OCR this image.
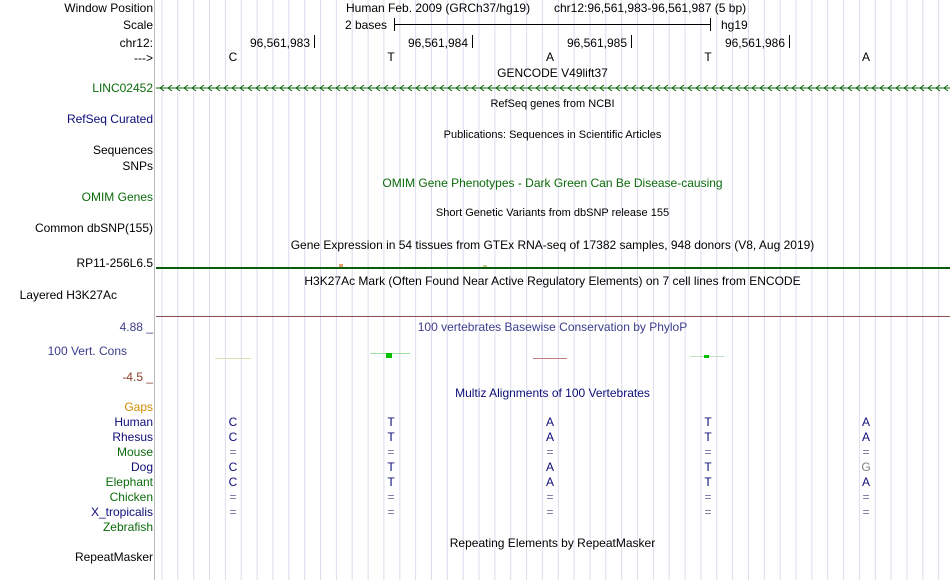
Window Position
Scale
chr12:
--->
Human Feb. 2009 (GRCh37/hg19) chr12:96,561,983-96,561,987 (5 bp)
2 bases	hg19
96,561,983	96,561,984	96,561,985	96,561,986
C	T	A	T	A
GENCODE V49lift37
LINC02452
RefSeq genes from NCBI
RefSeq Curated
Publications: Sequences in Scientific Articles
Sequences
SNPs
OMIM Gene Phenotypes - Dark Green Can Be Disease-causing
OMIM Genes
Short Genetic Variants from dbSNP release 155
Common dbSNP(155)
Gene Expression in 54 tissues from GTEx RNA-seq of 17382 samples, 948 donors (V8, Aug 2019)
RP11-256L6.5
H3K27Ac Mark (Often Found Near Active Regulatory Elements) on 7 cell lines from ENCODE
Layered H3K27Ac
4.88 _	100 vertebrates Basewise Conservation by PhyloP
100 Vert. Cons
-4.5 _
Multiz Alignments of 100 Vertebrates
Gaps
Human	C	T	A	T	A
Rhesus	C	T	A	T	A
Mouse	=	=	=	=	=
Dog	C	T	A	T	G
Elephant	C	T	A	T	A
Chicken	=	=	=	=	=
X_tropicalis	=	=	=	=	=
Zebrafish
Repeating Elements by RepeatMasker
RepeatMasker
